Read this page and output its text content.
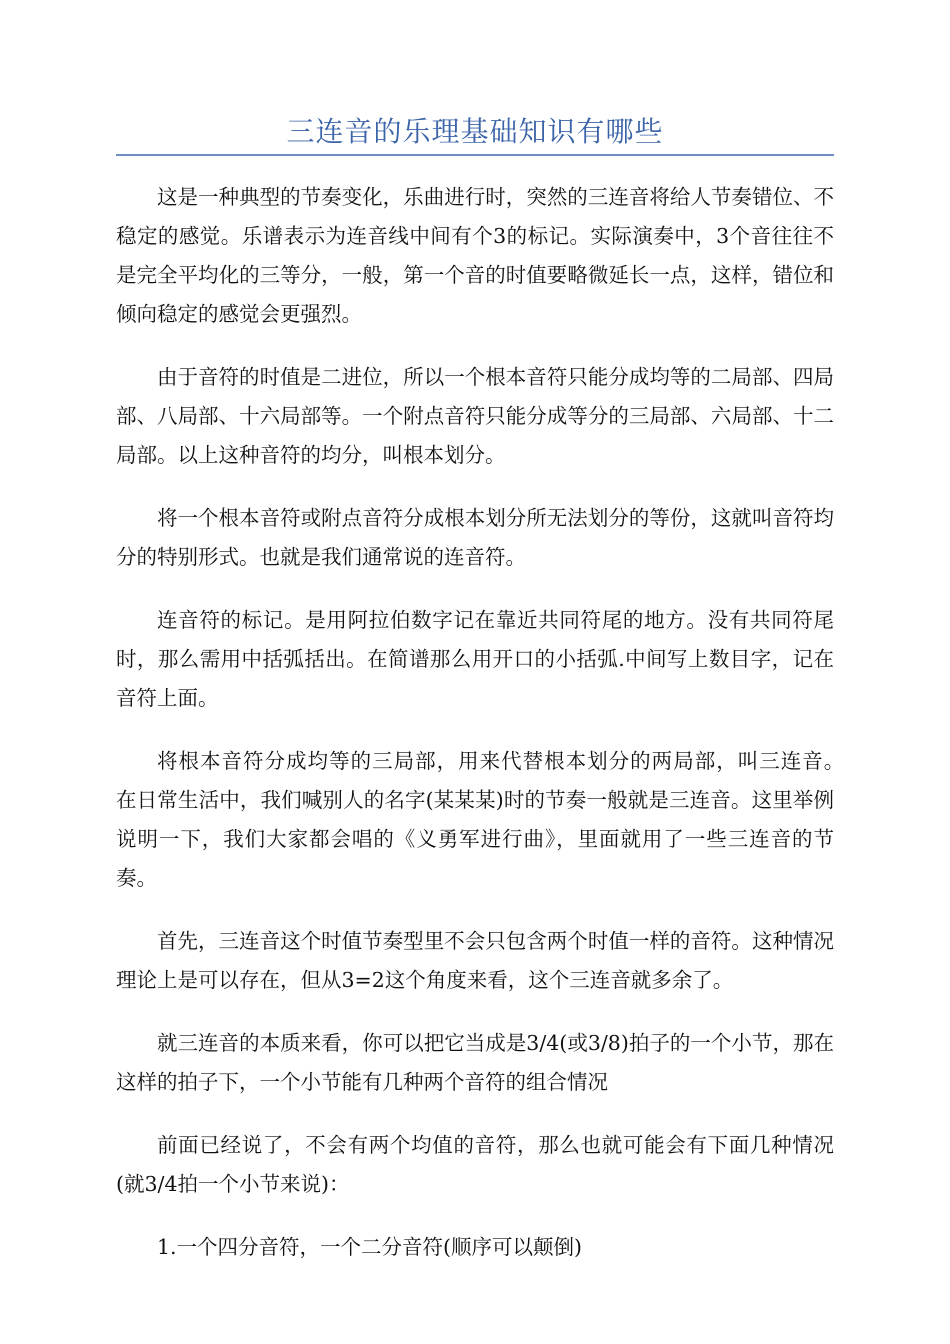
三连音的乐理基础知识有哪些

这是一种典型的节奏变化，乐曲进行时，突然的三连音将给人节奏错位、不稳定的感觉。乐谱表示为连音线中间有个3的标记。实际演奏中，3个音往往不是完全平均化的三等分，一般，第一个音的时值要略微延长一点，这样，错位和倾向稳定的感觉会更强烈。

由于音符的时值是二进位，所以一个根本音符只能分成均等的二局部、四局部、八局部、十六局部等。一个附点音符只能分成等分的三局部、六局部、十二局部。以上这种音符的均分，叫根本划分。

将一个根本音符或附点音符分成根本划分所无法划分的等份，这就叫音符均分的特别形式。也就是我们通常说的连音符。

连音符的标记。是用阿拉伯数字记在靠近共同符尾的地方。没有共同符尾时，那么需用中括弧括出。在简谱那么用开口的小括弧.中间写上数目字，记在音符上面。

将根本音符分成均等的三局部，用来代替根本划分的两局部，叫三连音。　在日常生活中，我们喊别人的名字(某某某)时的节奏一般就是三连音。这里举例说明一下，我们大家都会唱的《义勇军进行曲》，里面就用了一些三连音的节奏。

首先，三连音这个时值节奏型里不会只包含两个时值一样的音符。这种情况理论上是可以存在，但从3=2这个角度来看，这个三连音就多余了。

就三连音的本质来看，你可以把它当成是3/4(或3/8)拍子的一个小节，那在这样的拍子下，一个小节能有几种两个音符的组合情况

前面已经说了，不会有两个均值的音符，那么也就可能会有下面几种情况(就3/4拍一个小节来说)：

1.一个四分音符，一个二分音符(顺序可以颠倒)
